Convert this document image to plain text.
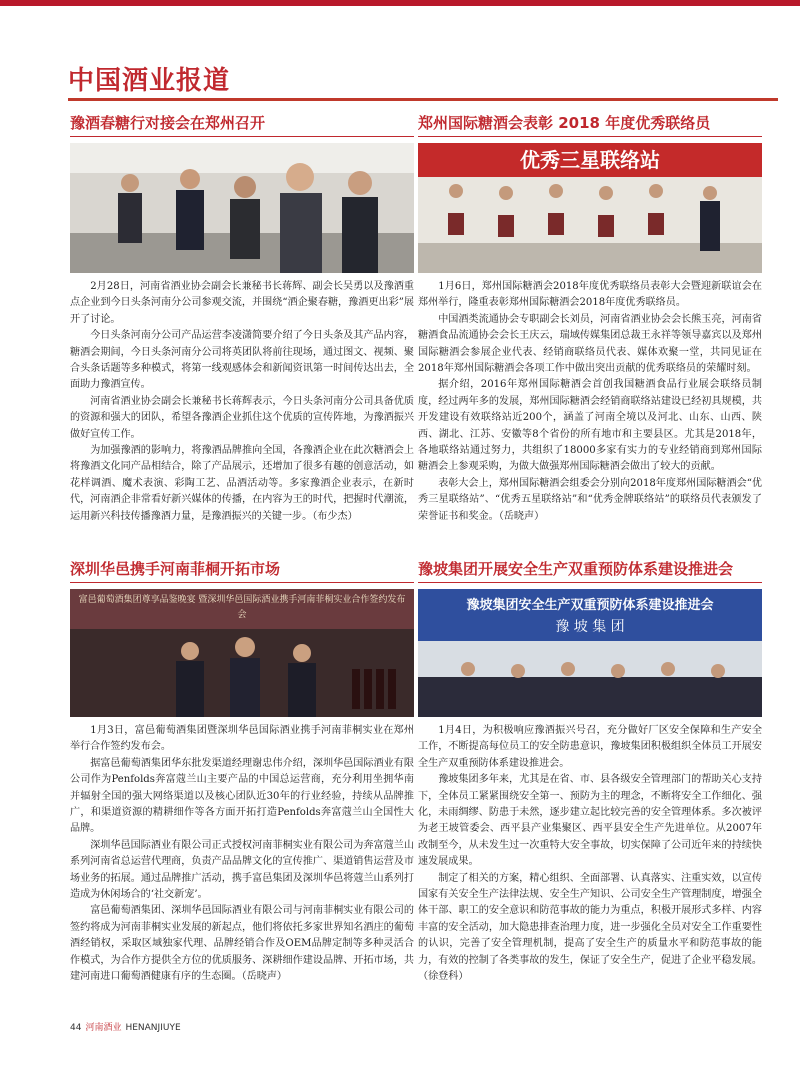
中国酒业报道
豫酒春糖行对接会在郑州召开

2月28日，河南省酒业协会副会长兼秘书长蒋辉、副会长吴勇以及豫酒重点企业到今日头条河南分公司参观交流，并围绕“酒企聚春糖，豫酒更出彩”展开了讨论。

今日头条河南分公司产品运营李凌潇简要介绍了今日头条及其产品内容，糖酒会期间，今日头条河南分公司将英团队将前往现场，通过图文、视频、聚合头条话题等多种模式，将第一线观感体会和新闻资讯第一时间传达出去，全面助力豫酒宣传。

河南省酒业协会副会长兼秘书长蒋辉表示，今日头条河南分公司具备优质的资源和强大的团队，希望各豫酒企业抓住这个优质的宣传阵地，为豫酒振兴做好宣传工作。

为加强豫酒的影响力，将豫酒品牌推向全国，各豫酒企业在此次糖酒会上将豫酒文化同产品相结合，除了产品展示，还增加了很多有趣的创意活动，如花样调酒、魔术表演、彩陶工艺、品酒活动等。多家豫酒企业表示，在新时代，河南酒企非常看好新兴媒体的传播，在内容为王的时代，把握时代潮流，运用新兴科技传播豫酒力量，是豫酒振兴的关键一步。（布少杰）

郑州国际糖酒会表彰 2018 年度优秀联络员
优秀三星联络站

1月6日，郑州国际糖酒会2018年度优秀联络员表彰大会暨迎新联谊会在郑州举行，隆重表彰郑州国际糖酒会2018年度优秀联络员。

中国酒类流通协会专职副会长刘员，河南省酒业协会会长熊玉亮，河南省糖酒食品流通协会会长王庆云，瑞域传媒集团总裁王永祥等领导嘉宾以及郑州国际糖酒会参展企业代表、经销商联络员代表、媒体欢聚一堂，共同见证在2018年郑州国际糖酒会各项工作中做出突出贡献的优秀联络员的荣耀时刻。

据介绍，2016年郑州国际糖酒会首创我国糖酒食品行业展会联络员制度，经过两年多的发展，郑州国际糖酒会经销商联络站建设已经初具规模，共开发建设有效联络站近200个，涵盖了河南全境以及河北、山东、山西、陕西、湖北、江苏、安徽等8个省份的所有地市和主要县区。尤其是2018年，各地联络站通过努力，共组织了18000多家有实力的专业经销商到郑州国际糖酒会上参观采购，为做大做强郑州国际糖酒会做出了较大的贡献。

表彰大会上，郑州国际糖酒会组委会分别向2018年度郑州国际糖酒会“优秀三星联络站”、“优秀五星联络站”和“优秀金牌联络站”的联络员代表颁发了荣誉证书和奖金。（岳晓声）

深圳华邑携手河南菲桐开拓市场
富邑葡萄酒集团尊享品鉴晚宴 暨深圳华邑国际酒业携手河南菲桐实业合作签约发布会

1月3日，富邑葡萄酒集团暨深圳华邑国际酒业携手河南菲桐实业在郑州举行合作签约发布会。

据富邑葡萄酒集团华东批发渠道经理谢忠伟介绍，深圳华邑国际酒业有限公司作为Penfolds奔富蔻兰山主要产品的中国总运营商，充分利用坐拥华南并辐射全国的强大网络渠道以及核心团队近30年的行业经验，持续从品牌推广，和渠道资源的精耕细作等各方面开拓打造Penfolds奔富蔻兰山全国性大品牌。

深圳华邑国际酒业有限公司正式授权河南菲桐实业有限公司为奔富蔻兰山系列河南省总运营代理商，负责产品品牌文化的宣传推广、渠道销售运营及市场业务的拓展。通过品牌推广活动，携手富邑集团及深圳华邑将蔻兰山系列打造成为休闲场合的‘社交新宠’。

富邑葡萄酒集团、深圳华邑国际酒业有限公司与河南菲桐实业有限公司的签约将成为河南菲桐实业发展的新起点，他们将依托多家世界知名酒庄的葡萄酒经销权，采取区域独家代理、品牌经销合作及OEM品牌定制等多种灵活合作模式，为合作方提供全方位的优质服务、深耕细作建设品牌、开拓市场，共建河南进口葡萄酒健康有序的生态圈。（岳晓声）

豫坡集团开展安全生产双重预防体系建设推进会
豫坡集团安全生产双重预防体系建设推进会
豫 坡 集 团

1月4日，为积极响应豫酒振兴号召，充分做好厂区安全保障和生产安全工作，不断提高每位员工的安全防患意识，豫坡集团积极组织全体员工开展安全生产双重预防体系建设推进会。

豫坡集团多年来，尤其是在省、市、县各级安全管理部门的帮助关心支持下，全体员工紧紧围绕安全第一、预防为主的理念，不断将安全工作细化、强化，未雨绸缪、防患于未然，逐步建立起比较完善的安全管理体系。多次被评为老王坡管委会、西平县产业集聚区、西平县安全生产先进单位。从2007年改制至今，从未发生过一次重特大安全事故，切实保障了公司近年来的持续快速发展成果。

制定了相关的方案，精心组织、全面部署、认真落实、注重实效，以宣传国家有关安全生产法律法规、安全生产知识、公司安全生产管理制度，增强全体干部、职工的安全意识和防范事故的能力为重点，积极开展形式多样、内容丰富的安全活动，加大隐患排查治理力度，进一步强化全员对安全工作重要性的认识，完善了安全管理机制，提高了安全生产的质量水平和防范事故的能力，有效的控制了各类事故的发生，保证了安全生产，促进了企业平稳发展。（徐登科）

44 河南酒业 HENANJIUYE
